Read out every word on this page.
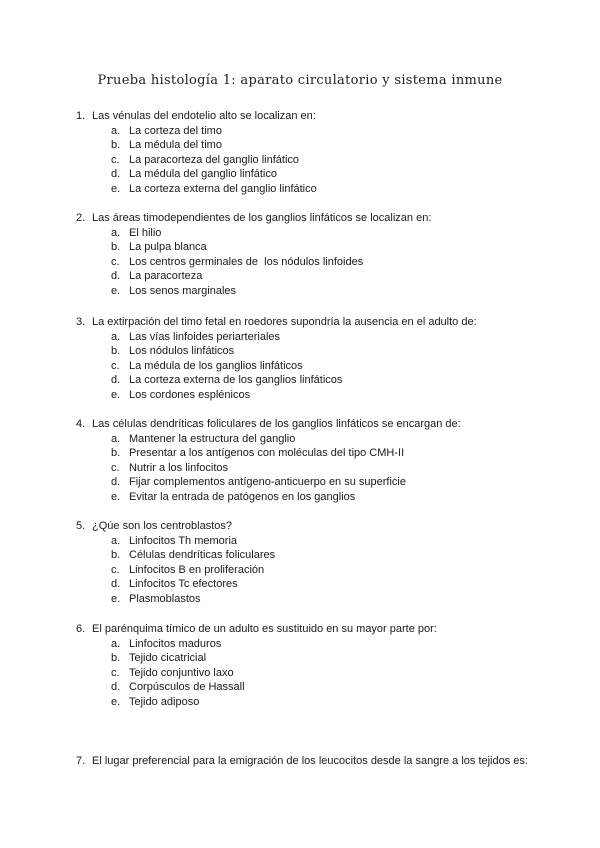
Prueba histología 1: aparato circulatorio y sistema inmune
1. Las vénulas del endotelio alto se localizan en:
a. La corteza del timo
b. La médula del timo
c. La paracorteza del ganglio linfático
d. La médula del ganglio linfático
e. La corteza externa del ganglio linfático
2. Las áreas timodependientes de los ganglios linfáticos se localizan en:
a. El hilio
b. La pulpa blanca
c. Los centros germinales de  los nódulos linfoides
d. La paracorteza
e. Los senos marginales
3. La extirpación del timo fetal en roedores supondría la ausencia en el adulto de:
a. Las vías linfoides periarteriales
b. Los nódulos linfáticos
c. La médula de los ganglios linfáticos
d. La corteza externa de los ganglios linfáticos
e. Los cordones esplénicos
4. Las células dendríticas foliculares de los ganglios linfáticos se encargan de:
a. Mantener la estructura del ganglio
b. Presentar a los antígenos con moléculas del tipo CMH-II
c. Nutrir a los linfocitos
d. Fijar complementos antígeno-anticuerpo en su superficie
e. Evitar la entrada de patógenos en los ganglios
5. ¿Qúe son los centroblastos?
a. Linfocitos Th memoria
b. Células dendríticas foliculares
c. Linfocitos B en proliferación
d. Linfocitos Tc efectores
e. Plasmoblastos
6. El parénquima tímico de un adulto es sustituido en su mayor parte por:
a. Linfocitos maduros
b. Tejido cicatricial
c. Tejido conjuntivo laxo
d. Corpúsculos de Hassall
e. Tejido adiposo
7. El lugar preferencial para la emigración de los leucocitos desde la sangre a los tejidos es:
